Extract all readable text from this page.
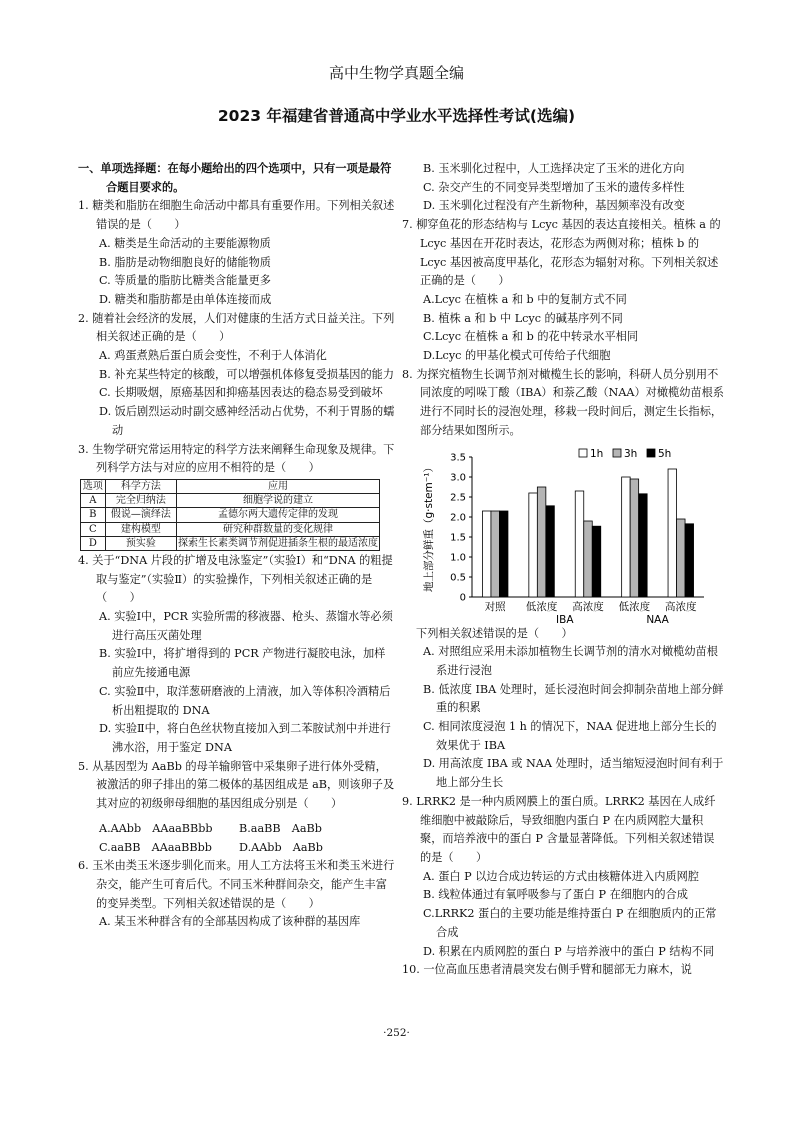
高中生物学真题全编
2023 年福建省普通高中学业水平选择性考试(选编)

一、单项选择题：在每小题给出的四个选项中，只有一项是最符合题目要求的。

1. 糖类和脂肪在细胞生命活动中都具有重要作用。下列相关叙述错误的是（　　）

A. 糖类是生命活动的主要能源物质

B. 脂肪是动物细胞良好的储能物质

C. 等质量的脂肪比糖类含能量更多

D. 糖类和脂肪都是由单体连接而成

2. 随着社会经济的发展，人们对健康的生活方式日益关注。下列相关叙述正确的是（　　）

A. 鸡蛋煮熟后蛋白质会变性，不利于人体消化

B. 补充某些特定的核酸，可以增强机体修复受损基因的能力

C. 长期吸烟，原癌基因和抑癌基因表达的稳态易受到破坏

D. 饭后剧烈运动时副交感神经活动占优势，不利于胃肠的蠕动

3. 生物学研究常运用特定的科学方法来阐释生命现象及规律。下列科学方法与对应的应用不相符的是（　　）

选项	科学方法	应用
A	完全归纳法	细胞学说的建立
B	假说—演绎法	孟德尔两大遗传定律的发现
C	建构模型	研究种群数量的变化规律
D	预实验	探索生长素类调节剂促进插条生根的最适浓度

4. 关于“DNA 片段的扩增及电泳鉴定”（实验Ⅰ）和“DNA 的粗提取与鉴定”（实验Ⅱ）的实验操作，下列相关叙述正确的是（　　）

A. 实验Ⅰ中，PCR 实验所需的移液器、枪头、蒸馏水等必须进行高压灭菌处理

B. 实验Ⅰ中，将扩增得到的 PCR 产物进行凝胶电泳，加样前应先接通电源

C. 实验Ⅱ中，取洋葱研磨液的上清液，加入等体积冷酒精后析出粗提取的 DNA

D. 实验Ⅱ中，将白色丝状物直接加入到二苯胺试剂中并进行沸水浴，用于鉴定 DNA

5. 从基因型为 AaBb 的母羊输卵管中采集卵子进行体外受精，被激活的卵子排出的第二极体的基因组成是 aB，则该卵子及其对应的初级卵母细胞的基因组成分别是（　　）

A.AAbb　AAaaBBbb	B.aaBB　AaBb
C.aaBB　AAaaBBbb	D.AAbb　AaBb

6. 玉米由类玉米逐步驯化而来。用人工方法将玉米和类玉米进行杂交，能产生可育后代。不同玉米种群间杂交，能产生丰富的变异类型。下列相关叙述错误的是（　　）

A. 某玉米种群含有的全部基因构成了该种群的基因库

B. 玉米驯化过程中，人工选择决定了玉米的进化方向

C. 杂交产生的不同变异类型增加了玉米的遗传多样性

D. 玉米驯化过程没有产生新物种，基因频率没有改变

7. 柳穿鱼花的形态结构与 Lcyc 基因的表达直接相关。植株 a 的 Lcyc 基因在开花时表达，花形态为两侧对称；植株 b 的 Lcyc 基因被高度甲基化，花形态为辐射对称。下列相关叙述正确的是（　　）

A.Lcyc 在植株 a 和 b 中的复制方式不同

B. 植株 a 和 b 中 Lcyc 的碱基序列不同

C.Lcyc 在植株 a 和 b 的花中转录水平相同

D.Lcyc 的甲基化模式可传给子代细胞

8. 为探究植物生长调节剂对橄榄生长的影响，科研人员分别用不同浓度的吲哚丁酸（IBA）和萘乙酸（NAA）对橄榄幼苗根系进行不同时长的浸泡处理，移栽一段时间后，测定生长指标，部分结果如图所示。

地上部分鲜重（g·stem⁻¹）
0
0.5
1.0
1.5
2.0
2.5
3.0
3.5
对照 低浓度 高浓度 低浓度 高浓度
IBA	NAA
1h 3h 5h

下列相关叙述错误的是（　　）

A. 对照组应采用未添加植物生长调节剂的清水对橄榄幼苗根系进行浸泡

B. 低浓度 IBA 处理时，延长浸泡时间会抑制杂苗地上部分鲜重的积累

C. 相同浓度浸泡 1 h 的情况下，NAA 促进地上部分生长的效果优于 IBA

D. 用高浓度 IBA 或 NAA 处理时，适当缩短浸泡时间有利于地上部分生长

9. LRRK2 是一种内质网膜上的蛋白质。LRRK2 基因在人成纤维细胞中被敲除后，导致细胞内蛋白 P 在内质网腔大量积聚，而培养液中的蛋白 P 含量显著降低。下列相关叙述错误的是（　　）

A. 蛋白 P 以边合成边转运的方式由核糖体进入内质网腔

B. 线粒体通过有氧呼吸参与了蛋白 P 在细胞内的合成

C.LRRK2 蛋白的主要功能是维持蛋白 P 在细胞质内的正常合成

D. 积累在内质网腔的蛋白 P 与培养液中的蛋白 P 结构不同

10. 一位高血压患者清晨突发右侧手臂和腿部无力麻木，说

·252·
